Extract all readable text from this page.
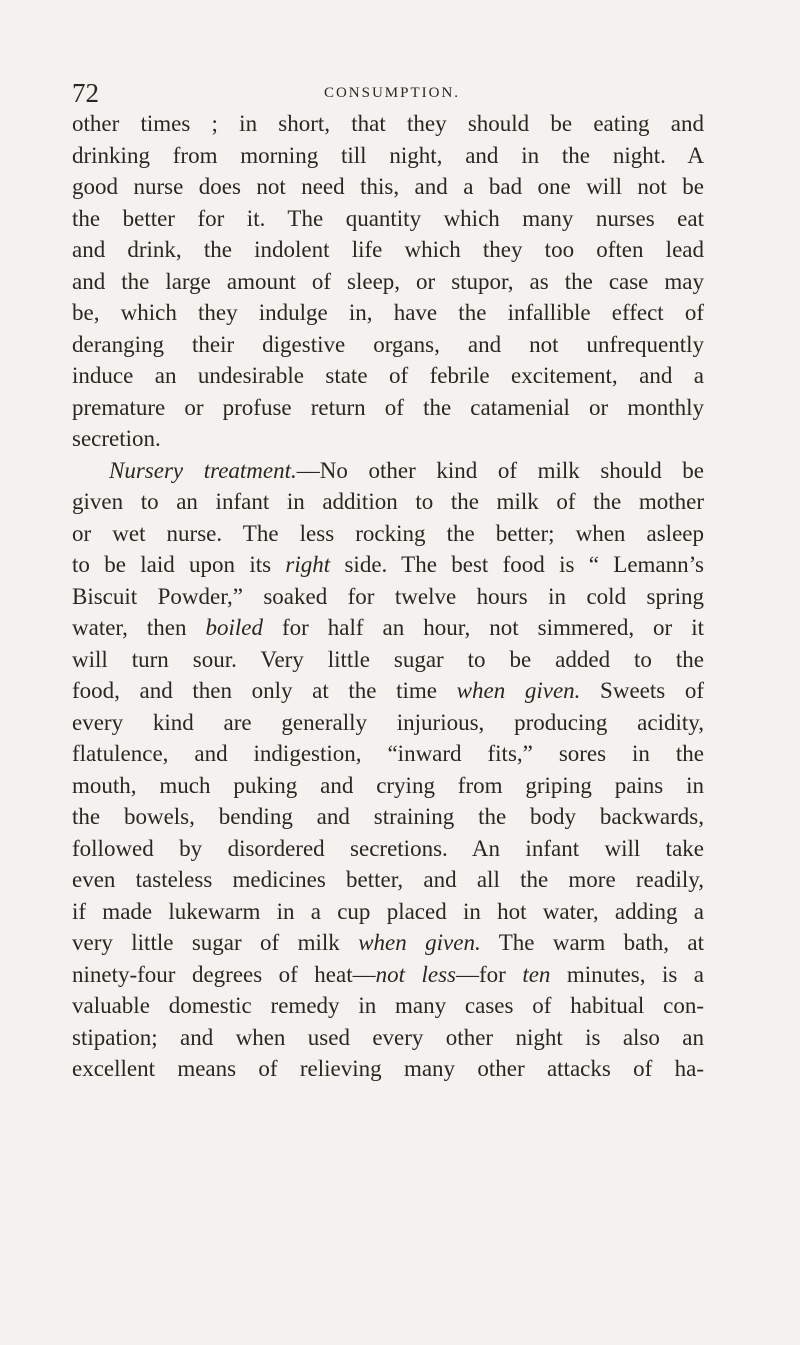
72	CONSUMPTION.
other times ; in short, that they should be eating and
drinking from morning till night, and in the night. A
good nurse does not need this, and a bad one will not be
the better for it. The quantity which many nurses eat
and drink, the indolent life which they too often lead
and the large amount of sleep, or stupor, as the case may
be, which they indulge in, have the infallible effect of
deranging their digestive organs, and not unfrequently
induce an undesirable state of febrile excitement, and a
premature or profuse return of the catamenial or monthly
secretion.
Nursery treatment.—No other kind of milk should be
given to an infant in addition to the milk of the mother
or wet nurse. The less rocking the better; when asleep
to be laid upon its right side. The best food is “ Lemann’s
Biscuit Powder,” soaked for twelve hours in cold spring
water, then boiled for half an hour, not simmered, or it
will turn sour. Very little sugar to be added to the
food, and then only at the time when given. Sweets of
every kind are generally injurious, producing acidity,
flatulence, and indigestion, “inward fits,” sores in the
mouth, much puking and crying from griping pains in
the bowels, bending and straining the body backwards,
followed by disordered secretions. An infant will take
even tasteless medicines better, and all the more readily,
if made lukewarm in a cup placed in hot water, adding a
very little sugar of milk when given. The warm bath, at
ninety-four degrees of heat—not less—for ten minutes, is a
valuable domestic remedy in many cases of habitual con-
stipation; and when used every other night is also an
excellent means of relieving many other attacks of ha-
